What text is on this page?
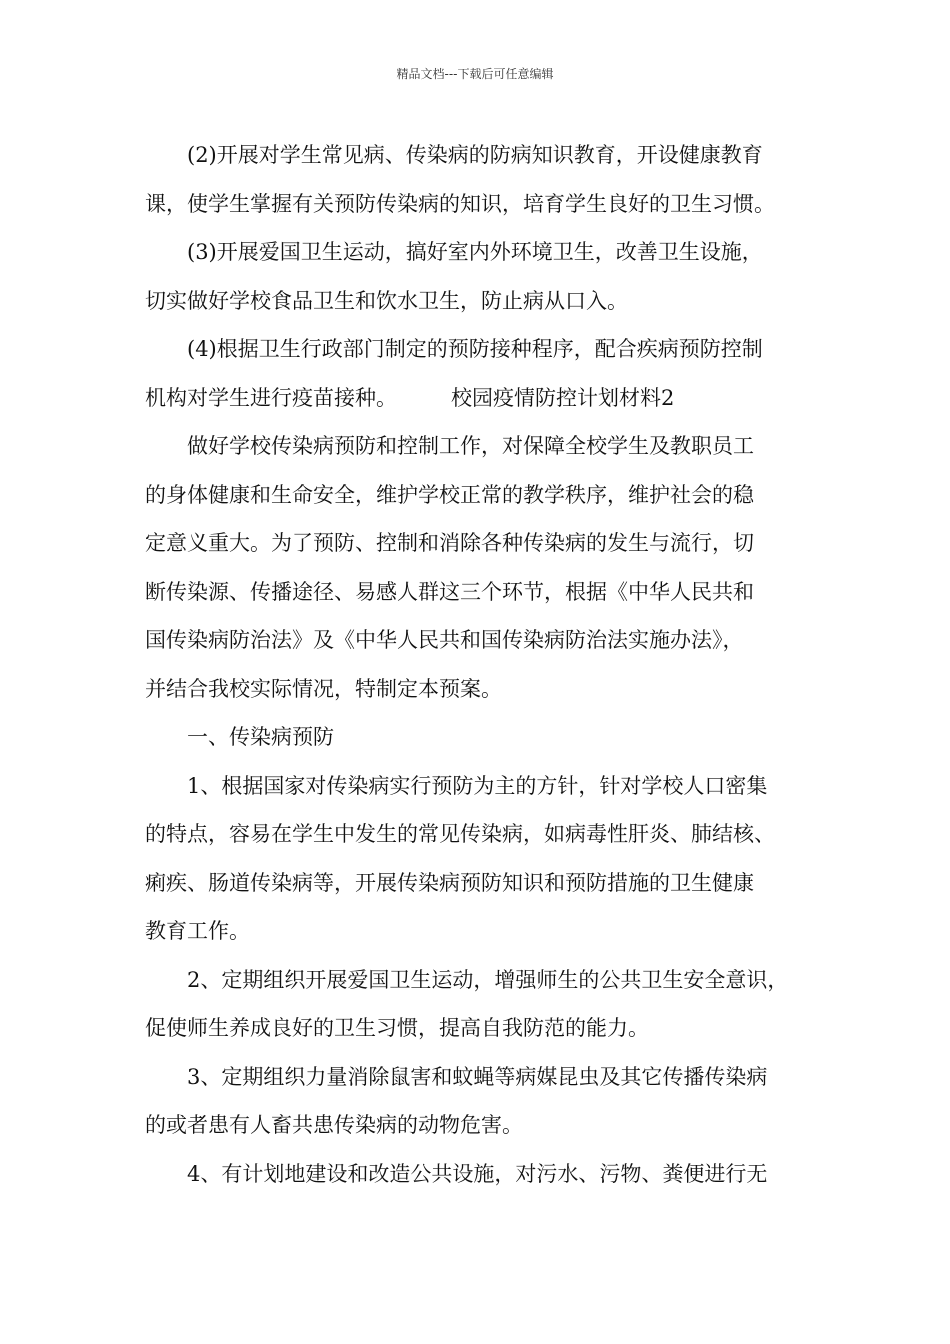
精品文档---下载后可任意编辑

(2)开展对学生常见病、传染病的防病知识教育，开设健康教育

课，使学生掌握有关预防传染病的知识，培育学生良好的卫生习惯。

(3)开展爱国卫生运动，搞好室内外环境卫生，改善卫生设施，

切实做好学校食品卫生和饮水卫生，防止病从口入。

(4)根据卫生行政部门制定的预防接种程序，配合疾病预防控制

机构对学生进行疫苗接种。	校园疫情防控计划材料2

做好学校传染病预防和控制工作，对保障全校学生及教职员工

的身体健康和生命安全，维护学校正常的教学秩序，维护社会的稳

定意义重大。为了预防、控制和消除各种传染病的发生与流行，切

断传染源、传播途径、易感人群这三个环节，根据《中华人民共和

国传染病防治法》及《中华人民共和国传染病防治法实施办法》，

并结合我校实际情况，特制定本预案。

一、传染病预防

1、根据国家对传染病实行预防为主的方针，针对学校人口密集

的特点，容易在学生中发生的常见传染病，如病毒性肝炎、肺结核、

痢疾、肠道传染病等，开展传染病预防知识和预防措施的卫生健康

教育工作。

2、定期组织开展爱国卫生运动，增强师生的公共卫生安全意识，

促使师生养成良好的卫生习惯，提高自我防范的能力。

3、定期组织力量消除鼠害和蚊蝇等病媒昆虫及其它传播传染病

的或者患有人畜共患传染病的动物危害。

4、有计划地建设和改造公共设施，对污水、污物、粪便进行无
